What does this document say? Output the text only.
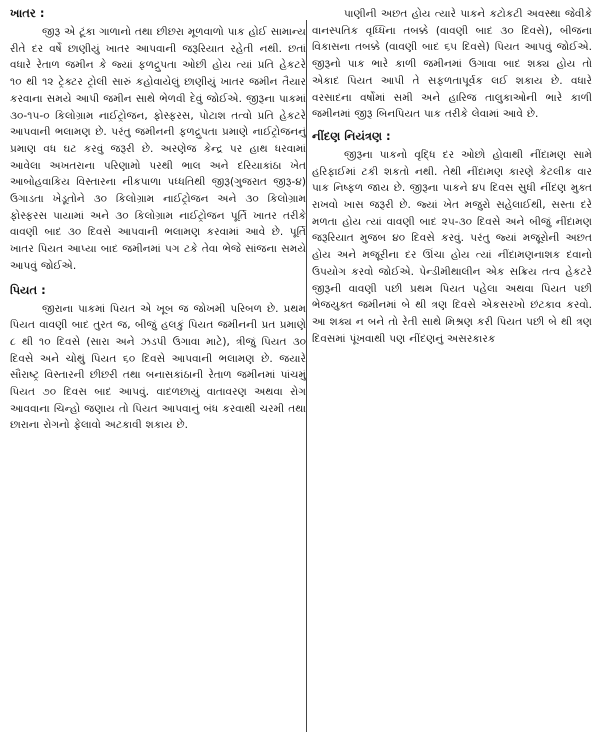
ખાતર :

જીરૂ એ ટૂંકા ગાળાનો તથા છીછરા મૂળવાળો પાક હોઈ સામાન્ય રીતે દર વર્ષે છાણીયું ખાતર આપવાની જરૂરિયાત રહેતી નથી. છતાં વધારે રેતાળ જમીન કે જ્યાં ફળદ્રુપતા ઓછી હોય ત્યાં પ્રતિ હેકટરે ૧૦ થી ૧૨ ટ્રેક્ટર ટ્રોલી સારું કહોવાયેલું છાણીયું ખાતર જમીન તૈયાર કરવાના સમયે આપી જમીન સાથે ભેળવી દેવું જોઈએ. જીરૂના પાકમાં ૩૦-૧૫-૦ કિલોગ્રામ નાઈટ્રોજન, ફોસ્ફરસ, પોટાશ તત્વો પ્રતિ હેકટરે આપવાની ભલામણ છે. પરંતુ જમીનની ફળદ્રુપતા પ્રમાણે નાઈટ્રોજનનું પ્રમાણ વધ ઘટ કરવું જરૂરી છે. અરણેજ કેન્દ્ર પર હાથ ધરવામાં આવેલા અખતરાના પરિણામો પરથી ભાલ અને દરિયાકાંઠા ખેત આબોહવાકિય વિસ્તારના નીકપાળા પધ્ધતિથી જીરૂ(ગુજરાત જીરૂ-૪) ઉગાડતા ખેડૂતોને ૩૦ કિલોગ્રામ નાઈટ્રોજન અને ૩૦ કિલોગ્રામ ફોસ્ફરસ પાયામાં અને ૩૦ કિલોગ્રામ નાઈટ્રોજન પૂર્તિ ખાતર તરીકે વાવણી બાદ ૩૦ દિવસે આપવાની ભલામણ કરવામાં આવે છે. પૂર્તિ ખાતર પિયત આપ્યા બાદ જમીનમાં પગ ટકે તેવા ભેજે સાંજના સમયે આપવું જોઈએ.

પિયત :

જીરાના પાકમાં પિયત એ ખૂબ જ જોખમી પરિબળ છે. પ્રથમ પિયત વાવણી બાદ તુરત જ, બીજું હલકું પિયત જમીનની પ્રત પ્રમાણે ૮ થી ૧૦ દિવસે (સારા અને ઝડપી ઉગાવા માટે), ત્રીજું પિયત ૩૦ દિવસે અને ચોથું પિયત ૬૦ દિવસે આપવાની ભલામણ છે. જયારે સૌરાષ્ટ્ર વિસ્તારની છીછરી તથા બનાસકાંઠાની રેતાળ જમીનમાં પાંચમું પિયત ૭૦ દિવસ બાદ આપવું. વાદળછાયું વાતાવરણ અથવા રોગ આવવાના ચિન્હો જણાય તો પિયત આપવાનું બંધ કરવાથી ચરમી તથા છારાના રોગનો ફેલાવો અટકાવી શકાય છે.

પાણીની અછત હોય ત્યારે પાકને કટોકટી અવસ્થા જેવીકે વાનસ્પતિક વૃધ્ધિના તબક્કે (વાવણી બાદ ૩૦ દિવસે), બીજના વિકાસના તબક્કે (વાવણી બાદ ૬૫ દિવસે) પિયત આપવું જોઈએ. જીરૂનો પાક ભારે કાળી જમીનમાં ઉગાવા બાદ શક્ય હોય તો એકાદ પિયત આપી તે સફળતાપૂર્વક લઈ શકાય છે. વધારે વરસાદના વર્ષોમાં સમી અને હારિજ તાલુકાઓની ભારે કાળી જમીનમાં જીરૂ બિનપિયત પાક તરીકે લેવામાં આવે છે.

નીંદણ નિયંત્રણ :

જીરૂના પાકનો વૃદ્ધિ દર ઓછો હોવાથી નીંદામણ સામે હરિફાઈમાં ટકી શકતો નથી. તેથી નીંદામણ કારણે કેટલીક વાર પાક નિષ્ફળ જાય છે. જીરૂના પાકને ૪૫ દિવસ સુધી નીંદણ મુક્ત રાખવો ખાસ જરૂરી છે. જ્યાં ખેત મજુરો સહેલાઈથી, સસ્તા દરે મળતા હોય ત્યાં વાવણી બાદ ૨૫-૩૦ દિવસે અને બીજું નીંદામણ જરૂરિયાત મુજબ ૪૦ દિવસે કરવું. પરંતુ જ્યાં મજૂરોની અછત હોય અને મજૂરીના દર ઊંચા હોય ત્યાં નીંદામણનાશક દવાનો ઉપયોગ કરવો જોઈએ. પેન્ડીમીથાલીન એક સક્રિય તત્વ હેકટરે જીરૂની વાવણી પછી પ્રથમ પિયત પહેલા અથવા પિયત પછી ભેજયુક્ત જમીનમાં બે થી ત્રણ દિવસે એકસરખો છંટકાવ કરવો. આ શક્ય ન બને તો રેતી સાથે મિશ્રણ કરી પિયત પછી બે થી ત્રણ દિવસમાં પૂંખવાથી પણ નીંદણનું અસરકારક
